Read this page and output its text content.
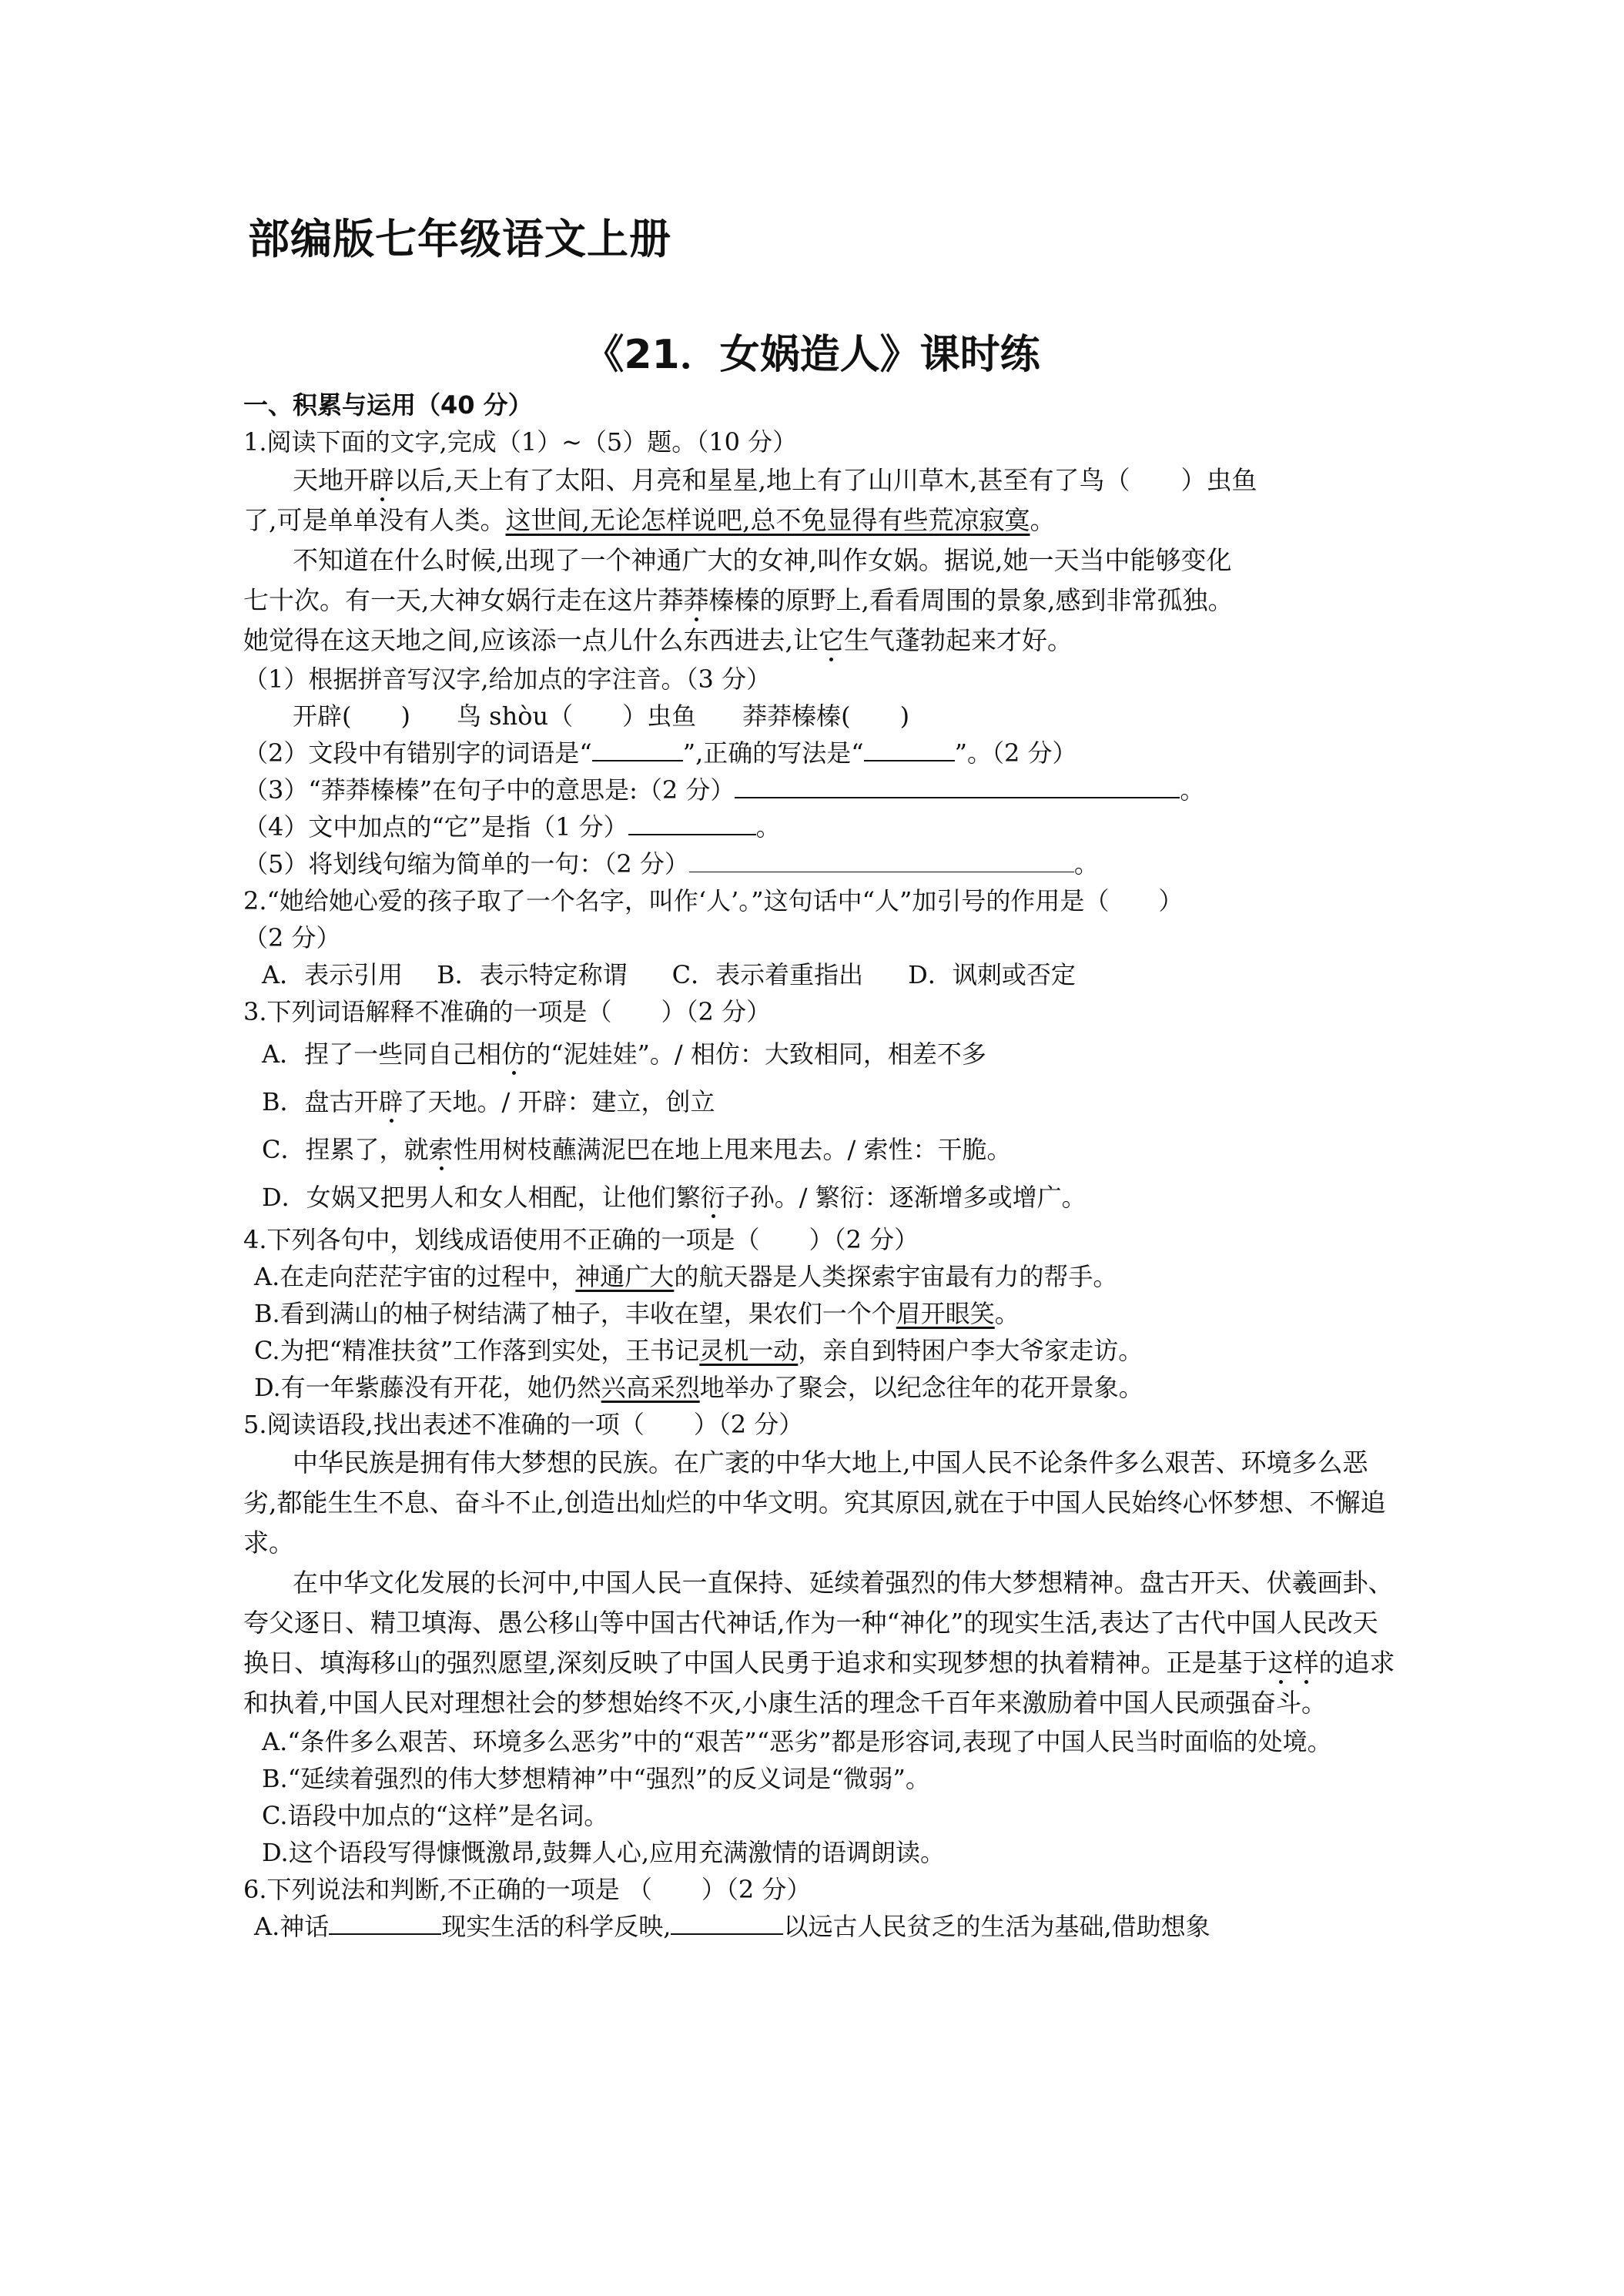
部编版七年级语文上册
《21．女娲造人》课时练

一、积累与运用（40 分）

1.阅读下面的文字,完成（1）~（5）题。（10 分）

天地开辟以后,天上有了太阳、月亮和星星,地上有了山川草木,甚至有了鸟（　　）虫鱼

了,可是单单没有人类。这世间,无论怎样说吧,总不免显得有些荒凉寂寞。

不知道在什么时候,出现了一个神通广大的女神,叫作女娲。据说,她一天当中能够变化

七十次。有一天,大神女娲行走在这片莽莽榛榛的原野上,看看周围的景象,感到非常孤独。

她觉得在这天地之间,应该添一点儿什么东西进去,让它生气蓬勃起来才好。

（1）根据拼音写汉字,给加点的字注音。（3 分）

开辟(　　) 鸟 shòu（　　）虫鱼 莽莽榛榛(　　)

（2）文段中有错别字的词语是“	”,正确的写法是“	”。（2 分）

（3）“莽莽榛榛”在句子中的意思是:（2 分）	。

（4）文中加点的“它”是指（1 分）	。

（5）将划线句缩为简单的一句：（2 分）	。

2.“她给她心爱的孩子取了一个名字，叫作‘人’。”这句话中“人”加引号的作用是（　　）

（2 分）

A．表示引用 B．表示特定称谓 C．表示着重指出 D．讽刺或否定

3.下列词语解释不准确的一项是（　　）（2 分）

A．捏了一些同自己相仿的“泥娃娃”。/ 相仿：大致相同，相差不多

B．盘古开辟了天地。/ 开辟：建立，创立

C．捏累了，就索性用树枝蘸满泥巴在地上甩来甩去。/ 索性：干脆。

D．女娲又把男人和女人相配，让他们繁衍子孙。/ 繁衍：逐渐增多或增广。

4.下列各句中，划线成语使用不正确的一项是（　　）（2 分）

A.在走向茫茫宇宙的过程中，神通广大的航天器是人类探索宇宙最有力的帮手。

B.看到满山的柚子树结满了柚子，丰收在望，果农们一个个眉开眼笑。

C.为把“精准扶贫”工作落到实处，王书记灵机一动，亲自到特困户李大爷家走访。

D.有一年紫藤没有开花，她仍然兴高采烈地举办了聚会，以纪念往年的花开景象。

5.阅读语段,找出表述不准确的一项（　　）（2 分）

中华民族是拥有伟大梦想的民族。在广袤的中华大地上,中国人民不论条件多么艰苦、环境多么恶劣,都能生生不息、奋斗不止,创造出灿烂的中华文明。究其原因,就在于中国人民始终心怀梦想、不懈追求。

在中华文化发展的长河中,中国人民一直保持、延续着强烈的伟大梦想精神。盘古开天、伏羲画卦、夸父逐日、精卫填海、愚公移山等中国古代神话,作为一种“神化”的现实生活,表达了古代中国人民改天换日、填海移山的强烈愿望,深刻反映了中国人民勇于追求和实现梦想的执着精神。正是基于这样的追求和执着,中国人民对理想社会的梦想始终不灭,小康生活的理念千百年来激励着中国人民顽强奋斗。

A.“条件多么艰苦、环境多么恶劣”中的“艰苦”“恶劣”都是形容词,表现了中国人民当时面临的处境。

B.“延续着强烈的伟大梦想精神”中“强烈”的反义词是“微弱”。

C.语段中加点的“这样”是名词。

D.这个语段写得慷慨激昂,鼓舞人心,应用充满激情的语调朗读。

6.下列说法和判断,不正确的一项是 （　　）（2 分）

A.神话	现实生活的科学反映,	以远古人民贫乏的生活为基础,借助想象
